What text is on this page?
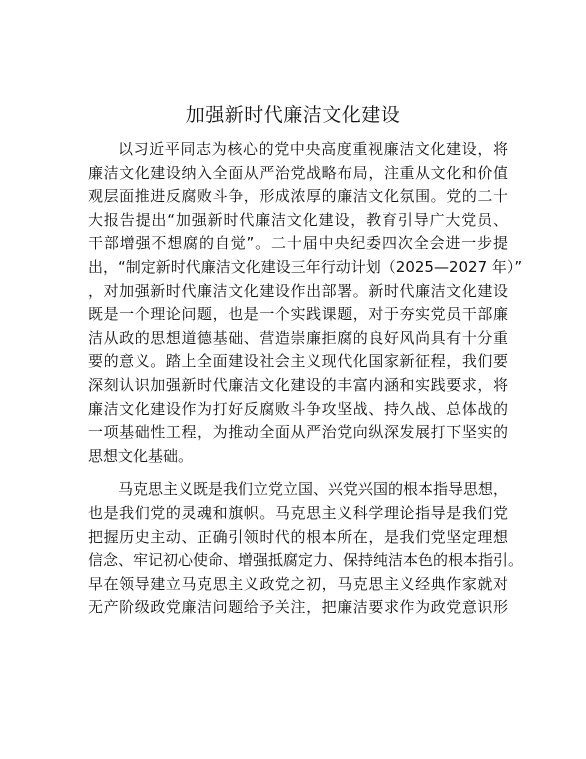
加强新时代廉洁文化建设
以习近平同志为核心的党中央高度重视廉洁文化建设，将
廉洁文化建设纳入全面从严治党战略布局，注重从文化和价值
观层面推进反腐败斗争，形成浓厚的廉洁文化氛围。党的二十
大报告提出“加强新时代廉洁文化建设，教育引导广大党员、
干部增强不想腐的自觉”。二十届中央纪委四次全会进一步提
出，“制定新时代廉洁文化建设三年行动计划（2025—2027 年）”
，对加强新时代廉洁文化建设作出部署。新时代廉洁文化建设
既是一个理论问题，也是一个实践课题，对于夯实党员干部廉
洁从政的思想道德基础、营造崇廉拒腐的良好风尚具有十分重
要的意义。踏上全面建设社会主义现代化国家新征程，我们要
深刻认识加强新时代廉洁文化建设的丰富内涵和实践要求，将
廉洁文化建设作为打好反腐败斗争攻坚战、持久战、总体战的
一项基础性工程，为推动全面从严治党向纵深发展打下坚实的
思想文化基础。
马克思主义既是我们立党立国、兴党兴国的根本指导思想，
也是我们党的灵魂和旗帜。马克思主义科学理论指导是我们党
把握历史主动、正确引领时代的根本所在，是我们党坚定理想
信念、牢记初心使命、增强抵腐定力、保持纯洁本色的根本指引。
早在领导建立马克思主义政党之初，马克思主义经典作家就对
无产阶级政党廉洁问题给予关注，把廉洁要求作为政党意识形
